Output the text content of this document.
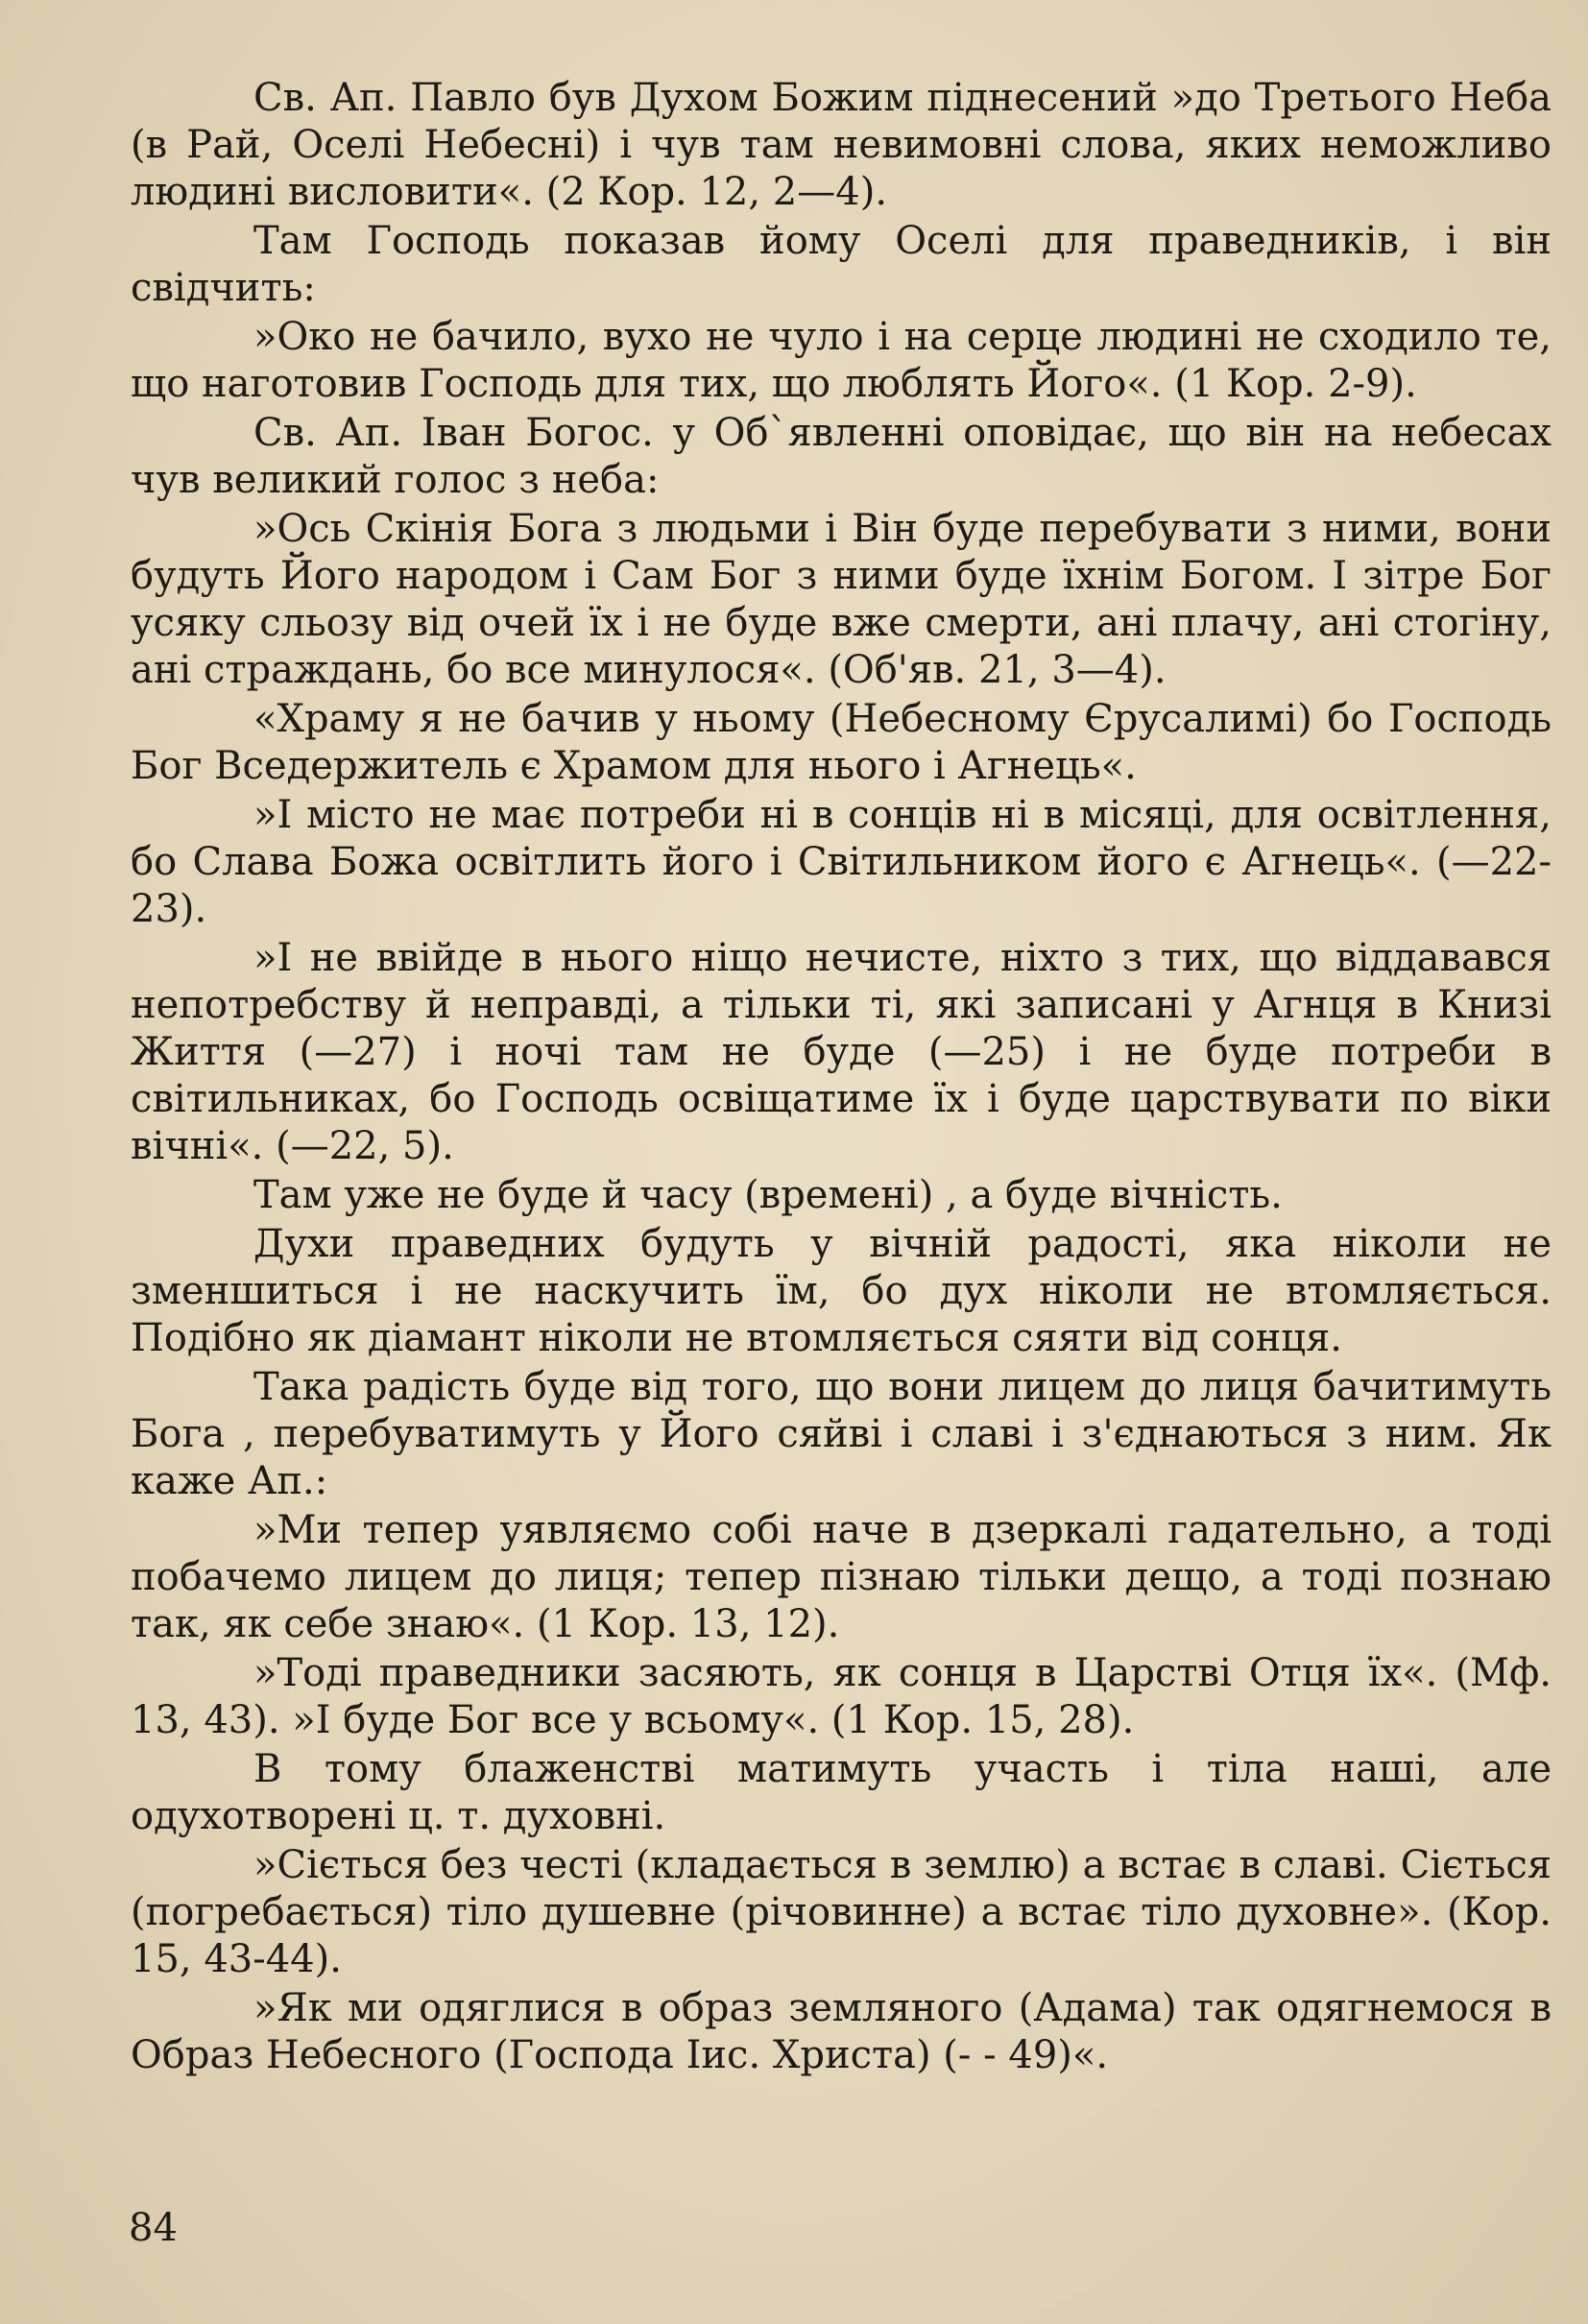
Св. Ап. Павло був Духом Божим піднесений »до Третього Неба (в Рай, Оселі Небесні) і чув там невимовні слова, яких неможливо людині висловити«. (2 Кор. 12, 2—4).

Там Господь показав йому Оселі для праведників, і він свідчить:

»Око не бачило, вухо не чуло і на серце людині не сходило те, що наготовив Господь для тих, що люблять Його«. (1 Кор. 2-9).

Св. Ап. Іван Богос. у Об`явленні оповідає, що він на небесах чув великий голос з неба:

»Ось Скінія Бога з людьми і Він буде перебувати з ними, вони будуть Його народом і Сам Бог з ними буде їхнім Богом. І зітре Бог усяку сльозу від очей їх і не буде вже смерти, ані плачу, ані стогіну, ані страждань, бо все минулося«. (Об'яв. 21, 3—4).

«Храму я не бачив у ньому (Небесному Єрусалимі) бо Господь Бог Вседержитель є Храмом для нього і Агнець«.

»І місто не має потреби ні в сонців ні в місяці, для освітлення, бо Слава Божа освітлить його і Світильником його є Агнець«. (—22-23).

»І не ввійде в нього ніщо нечисте, ніхто з тих, що віддавався непотребству й неправді, а тільки ті, які записані у Агнця в Книзі Життя (—27) і ночі там не буде (—25) і не буде потреби в світильниках, бо Господь освіщатиме їх і буде царствувати по віки вічні«. (—22, 5).

Там уже не буде й часу (времені) , а буде вічність.

Духи праведних будуть у вічній радості, яка ніколи не зменшиться і не наскучить їм, бо дух ніколи не втомляється. Подібно як діамант ніколи не втомляється сяяти від сонця.

Така радість буде від того, що вони лицем до лиця бачитимуть Бога , перебуватимуть у Його сяйві і славі і з'єднаються з ним. Як каже Ап.:

»Ми тепер уявляємо собі наче в дзеркалі гадательно, а тоді побачемо лицем до лиця; тепер пізнаю тільки дещо, а тоді познаю так, як себе знаю«. (1 Кор. 13, 12).

»Тоді праведники засяють, як сонця в Царстві Отця їх«. (Мф. 13, 43). »І буде Бог все у всьому«. (1 Кор. 15, 28).

В тому блаженстві матимуть участь і тіла наші, але одухотворені ц. т. духовні.

»Сіється без честі (кладається в землю) а встає в славі. Сіється (погребається) тіло душевне (річовинне) а встає тіло духовне». (Кор. 15, 43-44).

»Як ми одяглися в образ земляного (Адама) так одягнемося в Образ Небесного (Господа Іис. Христа) (- - 49)«.

84
